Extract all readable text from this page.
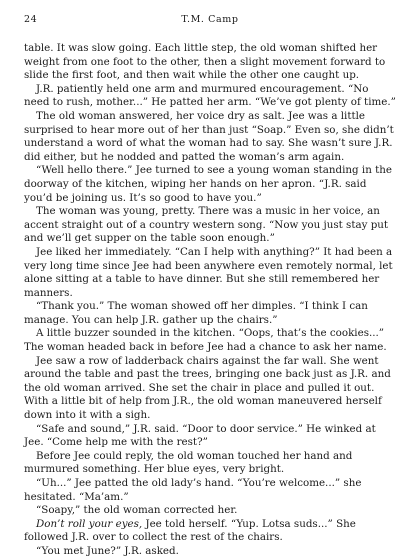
24	T.M. Camp

table. It was slow going. Each little step, the old woman shifted her weight from one foot to the other, then a slight movement forward to slide the first foot, and then wait while the other one caught up.

J.R. patiently held one arm and murmured encouragement. “No need to rush, mother...” He patted her arm. “We’ve got plenty of time.”

The old woman answered, her voice dry as salt. Jee was a little surprised to hear more out of her than just “Soap.” Even so, she didn’t understand a word of what the woman had to say. She wasn’t sure J.R. did either, but he nodded and patted the woman’s arm again.

“Well hello there.” Jee turned to see a young woman standing in the doorway of the kitchen, wiping her hands on her apron. “J.R. said you’d be joining us. It’s so good to have you.”

The woman was young, pretty. There was a music in her voice, an accent straight out of a country western song. “Now you just stay put and we’ll get supper on the table soon enough.”

Jee liked her immediately. “Can I help with anything?” It had been a very long time since Jee had been anywhere even remotely normal, let alone sitting at a table to have dinner. But she still remembered her manners.

“Thank you.” The woman showed off her dimples. “I think I can manage. You can help J.R. gather up the chairs.”

A little buzzer sounded in the kitchen. “Oops, that’s the cookies...” The woman headed back in before Jee had a chance to ask her name.

Jee saw a row of ladderback chairs against the far wall. She went around the table and past the trees, bringing one back just as J.R. and the old woman arrived. She set the chair in place and pulled it out. With a little bit of help from J.R., the old woman maneuvered herself down into it with a sigh.

“Safe and sound,” J.R. said. “Door to door service.” He winked at Jee. “Come help me with the rest?”

Before Jee could reply, the old woman touched her hand and murmured something. Her blue eyes, very bright.

“Uh...” Jee patted the old lady’s hand. “You’re welcome...” she hesitated. “Ma’am.”

“Soapy,” the old woman corrected her.

Don’t roll your eyes, Jee told herself. “Yup. Lotsa suds...” She followed J.R. over to collect the rest of the chairs.

“You met June?” J.R. asked.
